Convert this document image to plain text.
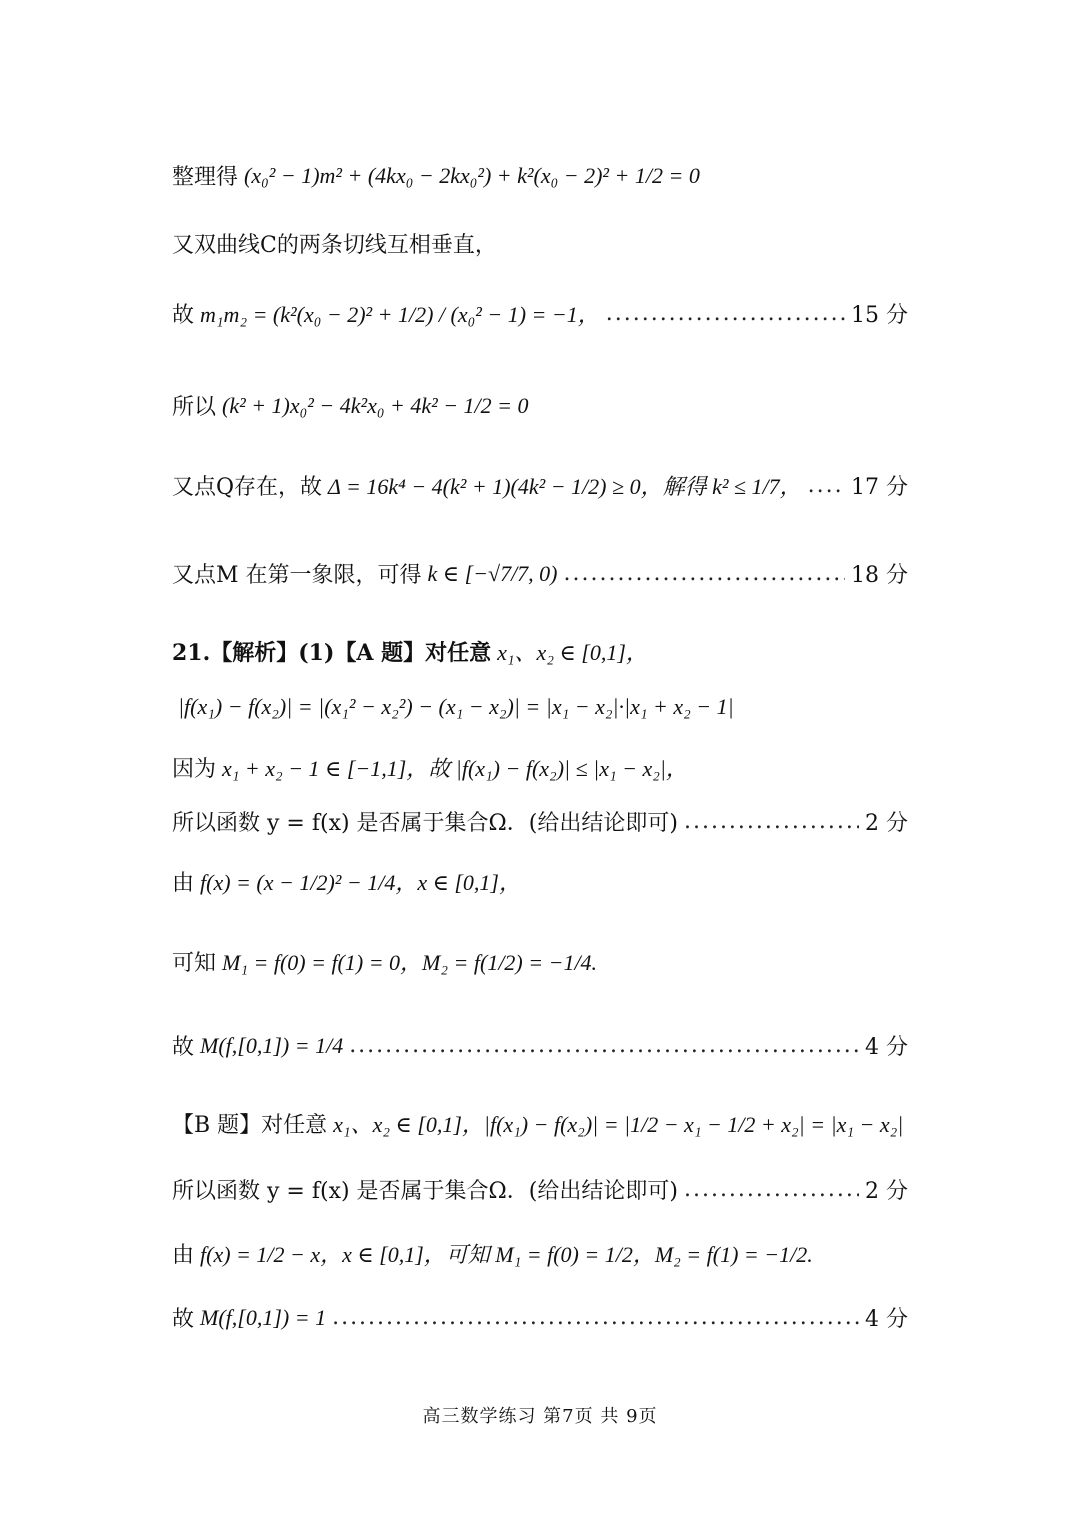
整理得 (x₀² − 1)m² + (4kx₀ − 2kx₀²) + k²(x₀ − 2)² + 1/2 = 0
又双曲线C的两条切线互相垂直，
故 m₁m₂ = (k²(x₀ − 2)² + 1/2) / (x₀² − 1) = −1， .....	15 分
所以 (k² + 1)x₀² − 4k²x₀ + 4k² − 1/2 = 0
又点Q存在，故 Δ = 16k⁴ − 4(k² + 1)(4k² − 1/2) ≥ 0，解得 k² ≤ 1/7， ..... 17 分
又点M 在第一象限，可得 k ∈ [−√7/7, 0) .....	18 分
21.【解析】(1)【A 题】对任意 x₁、x₂ ∈ [0,1]，
|f(x₁) − f(x₂)| = |(x₁² − x₂²) − (x₁ − x₂)| = |x₁ − x₂|·|x₁ + x₂ − 1|
因为 x₁ + x₂ − 1 ∈ [−1,1]，故 |f(x₁) − f(x₂)| ≤ |x₁ − x₂|，
所以函数 y = f(x) 是否属于集合Ω．(给出结论即可) .....	2 分
由 f(x) = (x − 1/2)² − 1/4，x ∈ [0,1]，
可知 M₁ = f(0) = f(1) = 0，M₂ = f(1/2) = −1/4.
故 M(f,[0,1]) = 1/4 .....	4 分
【B 题】对任意 x₁、x₂ ∈ [0,1]，|f(x₁) − f(x₂)| = |1/2 − x₁ − 1/2 + x₂| = |x₁ − x₂|
所以函数 y = f(x) 是否属于集合Ω．(给出结论即可) .....	2 分
由 f(x) = 1/2 − x，x ∈ [0,1]，可知 M₁ = f(0) = 1/2，M₂ = f(1) = −1/2.
故 M(f,[0,1]) = 1 .....	4 分
高三数学练习 第7页 共 9页
